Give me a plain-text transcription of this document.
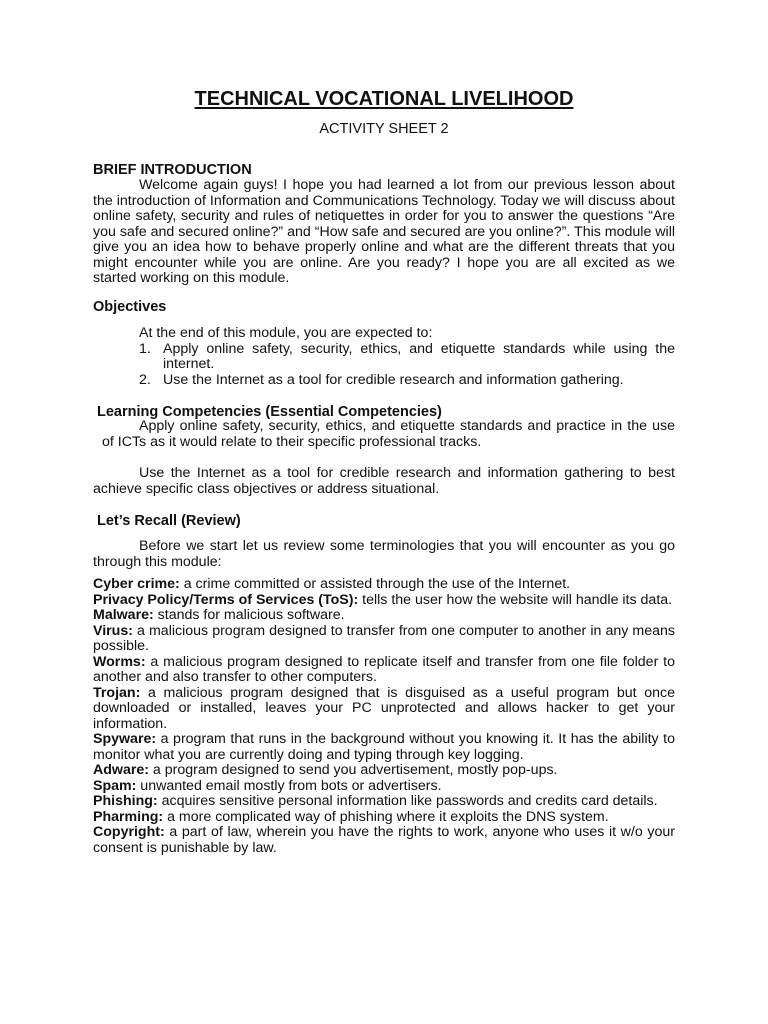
TECHNICAL VOCATIONAL LIVELIHOOD
ACTIVITY SHEET 2
BRIEF INTRODUCTION

Welcome again guys! I hope you had learned a lot from our previous lesson about the introduction of Information and Communications Technology. Today we will discuss about online safety, security and rules of netiquettes in order for you to answer the questions “Are you safe and secured online?” and “How safe and secured are you online?”. This module will give you an idea how to behave properly online and what are the different threats that you might encounter while you are online. Are you ready? I hope you are all excited as we started working on this module.

Objectives

At the end of this module, you are expected to:

1. Apply online safety, security, ethics, and etiquette standards while using the internet.
2. Use the Internet as a tool for credible research and information gathering.
Learning Competencies (Essential Competencies)

Apply online safety, security, ethics, and etiquette standards and practice in the use of ICTs as it would relate to their specific professional tracks.

Use the Internet as a tool for credible research and information gathering to best achieve specific class objectives or address situational.

Let’s Recall (Review)

Before we start let us review some terminologies that you will encounter as you go through this module:

Cyber crime: a crime committed or assisted through the use of the Internet.

Privacy Policy/Terms of Services (ToS): tells the user how the website will handle its data.

Malware: stands for malicious software.

Virus: a malicious program designed to transfer from one computer to another in any means possible.

Worms: a malicious program designed to replicate itself and transfer from one file folder to another and also transfer to other computers.

Trojan: a malicious program designed that is disguised as a useful program but once downloaded or installed, leaves your PC unprotected and allows hacker to get your information.

Spyware: a program that runs in the background without you knowing it. It has the ability to monitor what you are currently doing and typing through key logging.

Adware: a program designed to send you advertisement, mostly pop-ups.

Spam: unwanted email mostly from bots or advertisers.

Phishing: acquires sensitive personal information like passwords and credits card details.

Pharming: a more complicated way of phishing where it exploits the DNS system.

Copyright: a part of law, wherein you have the rights to work, anyone who uses it w/o your consent is punishable by law.
